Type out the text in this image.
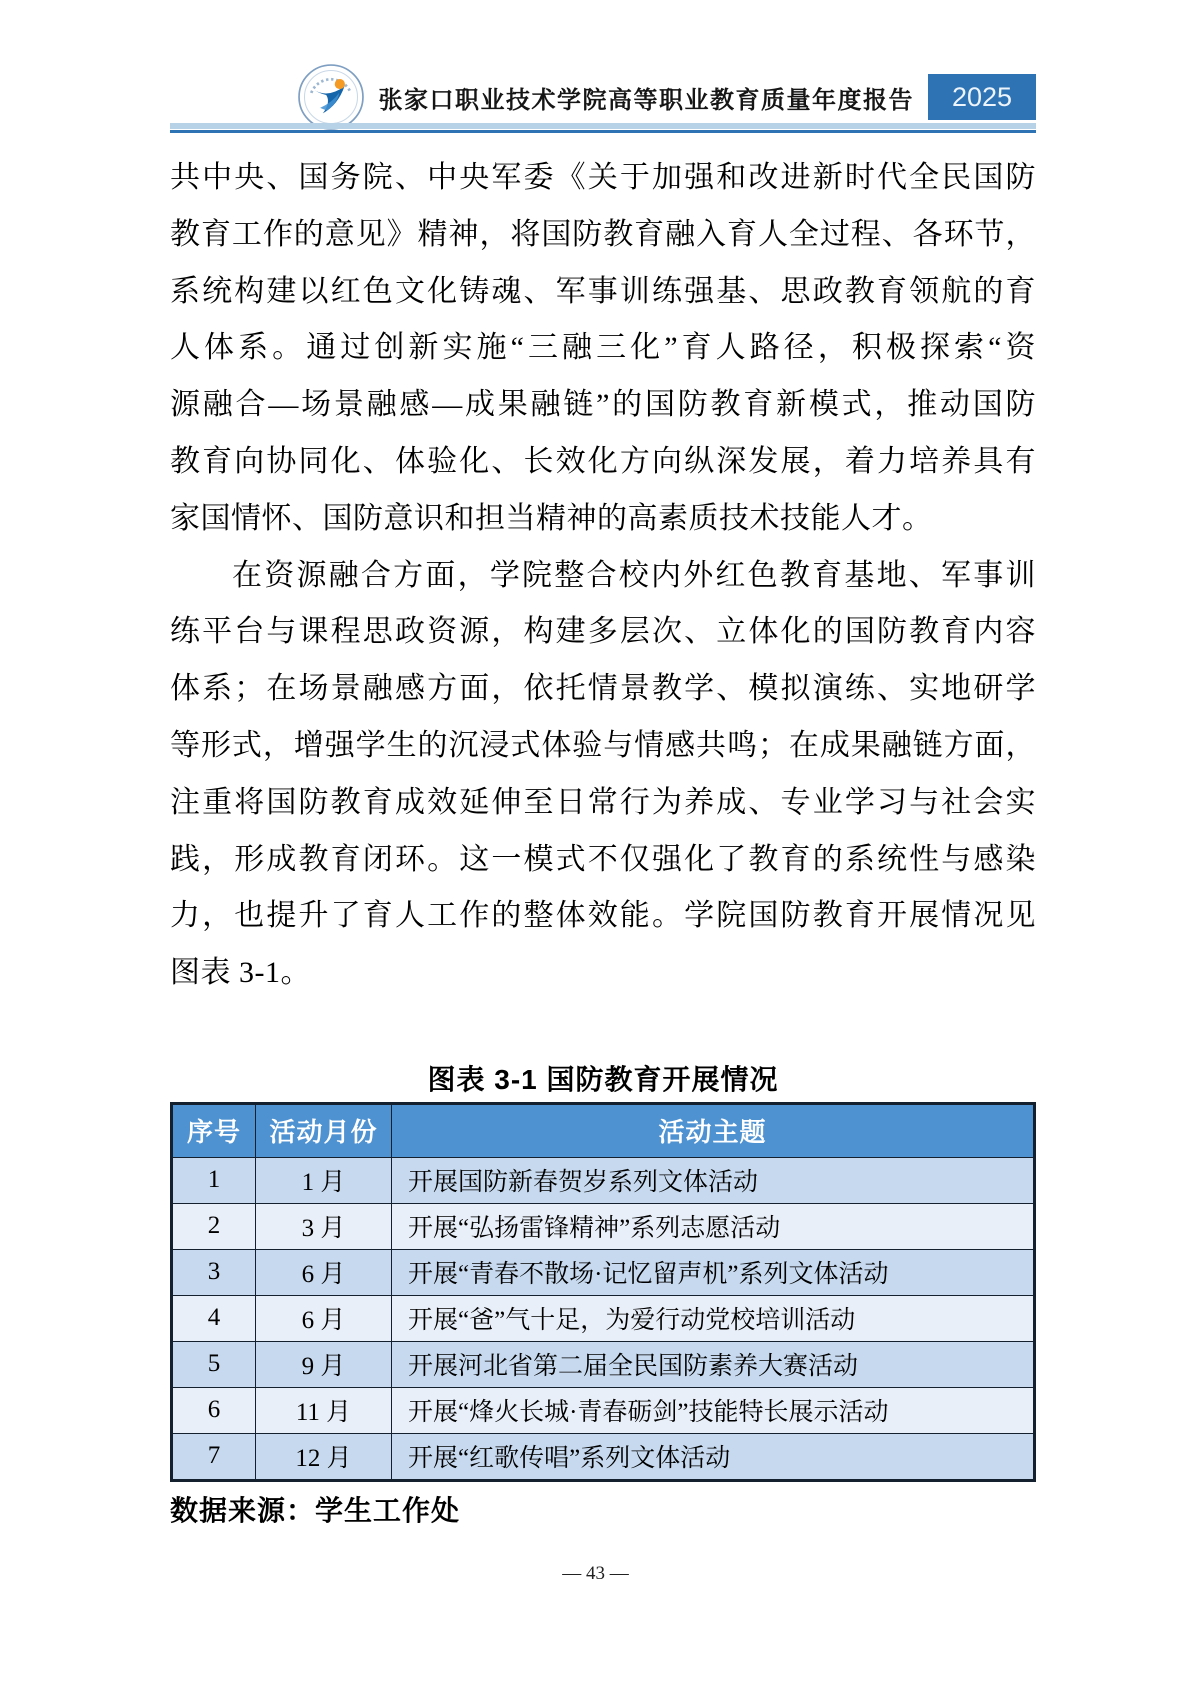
张家口职业技术学院高等职业教育质量年度报告	2025
共中央、国务院、中央军委《关于加强和改进新时代全民国防
教育工作的意见》精神，将国防教育融入育人全过程、各环节，
系统构建以红色文化铸魂、军事训练强基、思政教育领航的育
人体系。通过创新实施“三融三化”育人路径，积极探索“资
源融合—场景融感—成果融链”的国防教育新模式，推动国防
教育向协同化、体验化、长效化方向纵深发展，着力培养具有
家国情怀、国防意识和担当精神的高素质技术技能人才。
在资源融合方面，学院整合校内外红色教育基地、军事训
练平台与课程思政资源，构建多层次、立体化的国防教育内容
体系；在场景融感方面，依托情景教学、模拟演练、实地研学
等形式，增强学生的沉浸式体验与情感共鸣；在成果融链方面，
注重将国防教育成效延伸至日常行为养成、专业学习与社会实
践，形成教育闭环。这一模式不仅强化了教育的系统性与感染
力，也提升了育人工作的整体效能。学院国防教育开展情况见
图表 3-1。
图表 3-1 国防教育开展情况
序号	活动月份	活动主题
1	1 月	开展国防新春贺岁系列文体活动
2	3 月	开展“弘扬雷锋精神”系列志愿活动
3	6 月	开展“青春不散场·记忆留声机”系列文体活动
4	6 月	开展“爸”气十足，为爱行动党校培训活动
5	9 月	开展河北省第二届全民国防素养大赛活动
6	11 月	开展“烽火长城·青春砺剑”技能特长展示活动
7	12 月	开展“红歌传唱”系列文体活动
数据来源：学生工作处
— 43 —
